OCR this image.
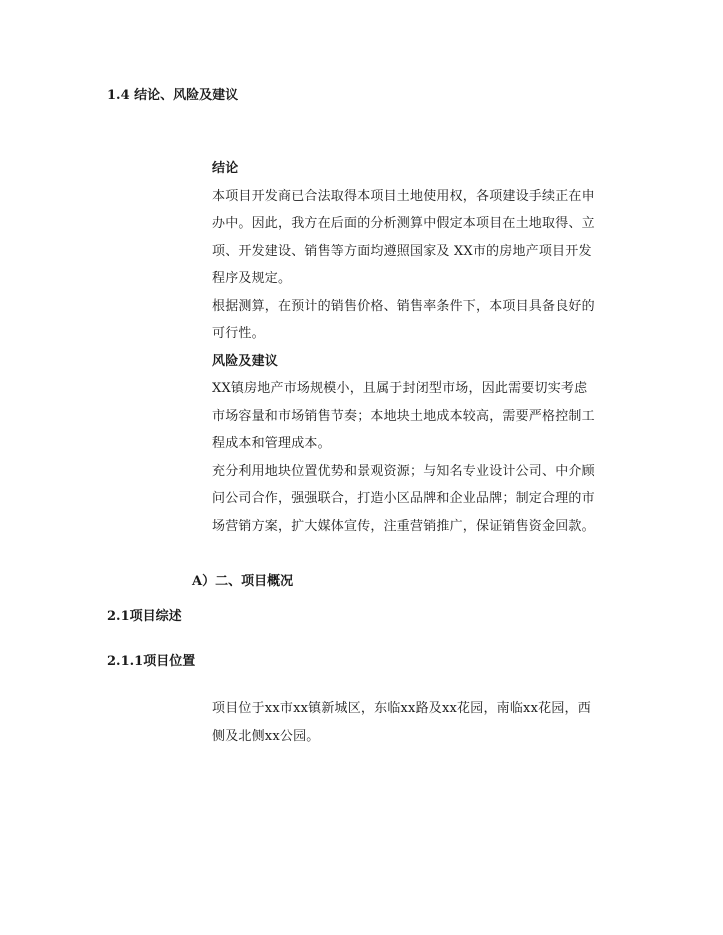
1.4 结论、风险及建议

结论

本项目开发商已合法取得本项目土地使用权，各项建设手续正在申办中。因此，我方在后面的分析测算中假定本项目在土地取得、立项、开发建设、销售等方面均遵照国家及 XX市的房地产项目开发程序及规定。

根据测算，在预计的销售价格、销售率条件下，本项目具备良好的可行性。

风险及建议

XX镇房地产市场规模小，且属于封闭型市场，因此需要切实考虑市场容量和市场销售节奏；本地块土地成本较高，需要严格控制工程成本和管理成本。

充分利用地块位置优势和景观资源；与知名专业设计公司、中介顾问公司合作，强强联合，打造小区品牌和企业品牌；制定合理的市场营销方案，扩大媒体宣传，注重营销推广，保证销售资金回款。

A）二、项目概况
2.1项目综述
2.1.1项目位置

项目位于xx市xx镇新城区，东临xx路及xx花园，南临xx花园，西侧及北侧xx公园。
